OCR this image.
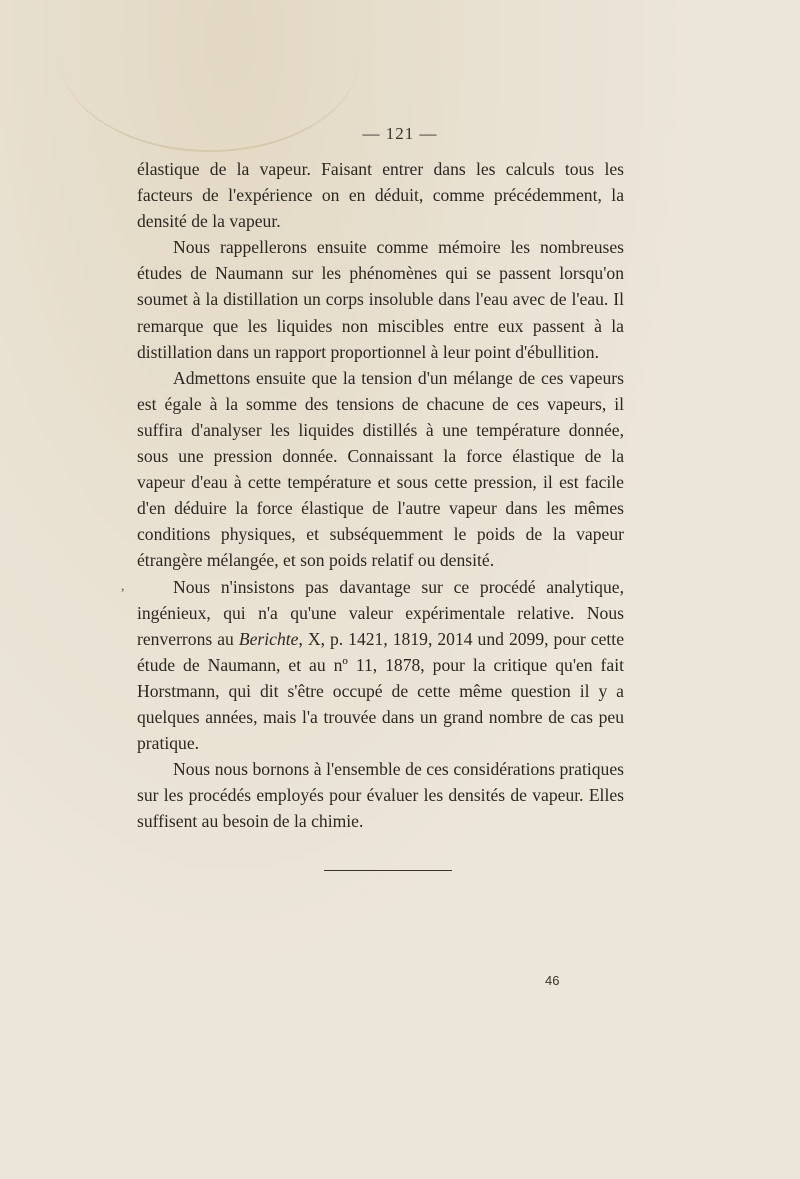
— 121 —

élastique de la vapeur. Faisant entrer dans les calculs tous les facteurs de l'expérience on en déduit, comme précédemment, la densité de la vapeur.

Nous rappellerons ensuite comme mémoire les nombreuses études de Naumann sur les phénomènes qui se passent lorsqu'on soumet à la distillation un corps insoluble dans l'eau avec de l'eau. Il remarque que les liquides non miscibles entre eux passent à la distillation dans un rapport proportionnel à leur point d'ébullition.

Admettons ensuite que la tension d'un mélange de ces vapeurs est égale à la somme des tensions de chacune de ces vapeurs, il suffira d'analyser les liquides distillés à une température donnée, sous une pression donnée. Connaissant la force élastique de la vapeur d'eau à cette température et sous cette pression, il est facile d'en déduire la force élastique de l'autre vapeur dans les mêmes conditions physiques, et subséquemment le poids de la vapeur étrangère mélangée, et son poids relatif ou densité.

Nous n'insistons pas davantage sur ce procédé analytique, ingénieux, qui n'a qu'une valeur expérimentale relative. Nous renverrons au Berichte, X, p. 1421, 1819, 2014 und 2099, pour cette étude de Naumann, et au nº 11, 1878, pour la critique qu'en fait Horstmann, qui dit s'être occupé de cette même question il y a quelques années, mais l'a trouvée dans un grand nombre de cas peu pratique.

Nous nous bornons à l'ensemble de ces considérations pratiques sur les procédés employés pour évaluer les densités de vapeur. Elles suffisent au besoin de la chimie.

,
46
